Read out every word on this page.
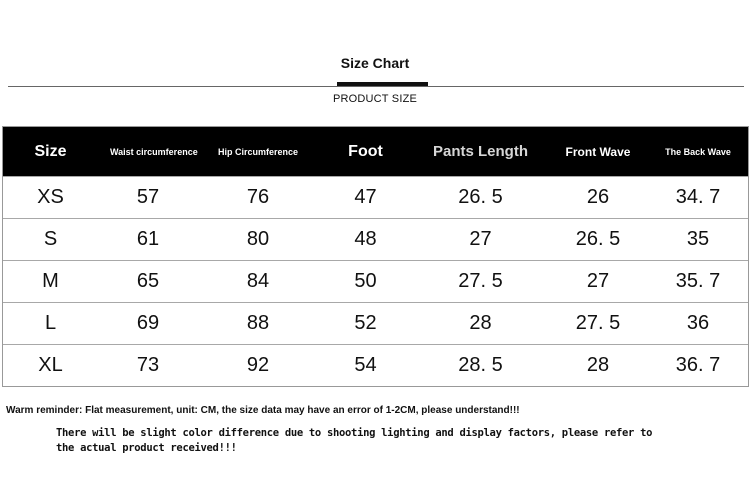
Size Chart
PRODUCT SIZE
Size	Waist circumference	Hip Circumference	Foot	Pants Length	Front Wave	The Back Wave
XS	57	76	47	26. 5	26	34. 7
S	61	80	48	27	26. 5	35
M	65	84	50	27. 5	27	35. 7
L	69	88	52	28	27. 5	36
XL	73	92	54	28. 5	28	36. 7
Warm reminder: Flat measurement, unit: CM, the size data may have an error of 1-2CM, please understand!!!
There will be slight color difference due to shooting lighting and display factors, please refer to the actual product received!!!
